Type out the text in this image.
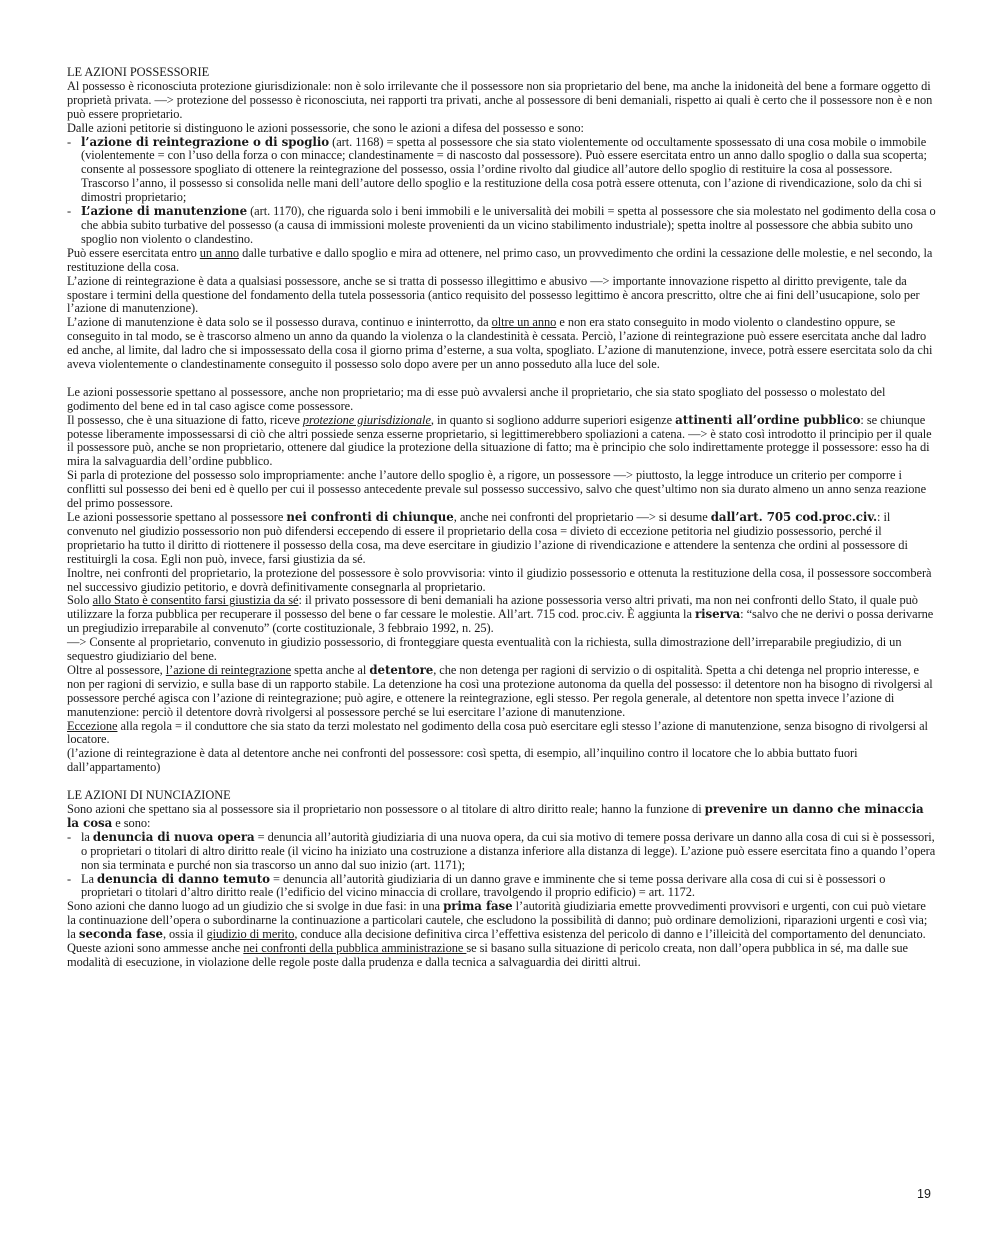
LE AZIONI POSSESSORIE

Al possesso è riconosciuta protezione giurisdizionale: non è solo irrilevante che il possessore non sia proprietario del bene, ma anche la inidoneità del bene a formare oggetto di proprietà privata. —> protezione del possesso è riconosciuta, nei rapporti tra privati, anche al possessore di beni demaniali, rispetto ai quali è certo che il possessore non è e non può essere proprietario.

Dalle azioni petitorie si distinguono le azioni possessorie, che sono le azioni a difesa del possesso e sono:

- l’azione di reintegrazione o di spoglio (art. 1168) = spetta al possessore che sia stato violentemente od occultamente spossessato di una cosa mobile o immobile (violentemente = con l’uso della forza o con minacce; clandestinamente = di nascosto dal possessore). Può essere esercitata entro un anno dallo spoglio o dalla sua scoperta; consente al possessore spogliato di ottenere la reintegrazione del possesso, ossia l’ordine rivolto dal giudice all’autore dello spoglio di restituire la cosa al possessore. Trascorso l’anno, il possesso si consolida nelle mani dell’autore dello spoglio e la restituzione della cosa potrà essere ottenuta, con l’azione di rivendicazione, solo da chi si dimostri proprietario;

- L’azione di manutenzione (art. 1170), che riguarda solo i beni immobili e le universalità dei mobili = spetta al possessore che sia molestato nel godimento della cosa o che abbia subito turbative del possesso (a causa di immissioni moleste provenienti da un vicino stabilimento industriale); spetta inoltre al possessore che abbia subito uno spoglio non violento o clandestino.

Può essere esercitata entro un anno dalle turbative e dallo spoglio e mira ad ottenere, nel primo caso, un provvedimento che ordini la cessazione delle molestie, e nel secondo, la restituzione della cosa.

L’azione di reintegrazione è data a qualsiasi possessore, anche se si tratta di possesso illegittimo e abusivo —> importante innovazione rispetto al diritto previgente, tale da spostare i termini della questione del fondamento della tutela possessoria (antico requisito del possesso legittimo è ancora prescritto, oltre che ai fini dell’usucapione, solo per l’azione di manutenzione).

L’azione di manutenzione è data solo se il possesso durava, continuo e ininterrotto, da oltre un anno e non era stato conseguito in modo violento o clandestino oppure, se conseguito in tal modo, se è trascorso almeno un anno da quando la violenza o la clandestinità è cessata. Perciò, l’azione di reintegrazione può essere esercitata anche dal ladro ed anche, al limite, dal ladro che si impossessato della cosa il giorno prima d’esterne, a sua volta, spogliato. L’azione di manutenzione, invece, potrà essere esercitata solo da chi aveva violentemente o clandestinamente conseguito il possesso solo dopo avere per un anno posseduto alla luce del sole.

Le azioni possessorie spettano al possessore, anche non proprietario; ma di esse può avvalersi anche il proprietario, che sia stato spogliato del possesso o molestato del godimento del bene ed in tal caso agisce come possessore.

Il possesso, che è una situazione di fatto, riceve protezione giurisdizionale, in quanto si sogliono addurre superiori esigenze attinenti all’ordine pubblico: se chiunque potesse liberamente impossessarsi di ciò che altri possiede senza esserne proprietario, si legittimerebbero spoliazioni a catena. —> è stato così introdotto il principio per il quale il possessore può, anche se non proprietario, ottenere dal giudice la protezione della situazione di fatto; ma è principio che solo indirettamente protegge il possessore: esso ha di mira la salvaguardia dell’ordine pubblico.

Si parla di protezione del possesso solo impropriamente: anche l’autore dello spoglio è, a rigore, un possessore —> piuttosto, la legge introduce un criterio per comporre i conflitti sul possesso dei beni ed è quello per cui il possesso antecedente prevale sul possesso successivo, salvo che quest’ultimo non sia durato almeno un anno senza reazione del primo possessore.

Le azioni possessorie spettano al possessore nei confronti di chiunque, anche nei confronti del proprietario —> si desume dall’art. 705 cod.proc.civ.: il convenuto nel giudizio possessorio non può difendersi eccependo di essere il proprietario della cosa = divieto di eccezione petitoria nel giudizio possessorio, perché il proprietario ha tutto il diritto di riottenere il possesso della cosa, ma deve esercitare in giudizio l’azione di rivendicazione e attendere la sentenza che ordini al possessore di restituirgli la cosa. Egli non può, invece, farsi giustizia da sé.

Inoltre, nei confronti del proprietario, la protezione del possessore è solo provvisoria: vinto il giudizio possessorio e ottenuta la restituzione della cosa, il possessore soccomberà nel successivo giudizio petitorio, e dovrà definitivamente consegnarla al proprietario.

Solo allo Stato è consentito farsi giustizia da sé: il privato possessore di beni demaniali ha azione possessoria verso altri privati, ma non nei confronti dello Stato, il quale può utilizzare la forza pubblica per recuperare il possesso del bene o far cessare le molestie. All’art. 715 cod. proc.civ. È aggiunta la riserva: “salvo che ne derivi o possa derivarne un pregiudizio irreparabile al convenuto” (corte costituzionale, 3 febbraio 1992, n. 25).

—> Consente al proprietario, convenuto in giudizio possessorio, di fronteggiare questa eventualità con la richiesta, sulla dimostrazione dell’irreparabile pregiudizio, di un sequestro giudiziario del bene.

Oltre al possessore, l’azione di reintegrazione spetta anche al detentore, che non detenga per ragioni di servizio o di ospitalità. Spetta a chi detenga nel proprio interesse, e non per ragioni di servizio, e sulla base di un rapporto stabile. La detenzione ha così una protezione autonoma da quella del possesso: il detentore non ha bisogno di rivolgersi al possessore perché agisca con l’azione di reintegrazione; può agire, e ottenere la reintegrazione, egli stesso. Per regola generale, al detentore non spetta invece l’azione di manutenzione: perciò il detentore dovrà rivolgersi al possessore perché se lui esercitare l’azione di manutenzione.

Eccezione alla regola = il conduttore che sia stato da terzi molestato nel godimento della cosa può esercitare egli stesso l’azione di manutenzione, senza bisogno di rivolgersi al locatore.

(l’azione di reintegrazione è data al detentore anche nei confronti del possessore: così spetta, di esempio, all’inquilino contro il locatore che lo abbia buttato fuori dall’appartamento)

LE AZIONI DI NUNCIAZIONE

Sono azioni che spettano sia al possessore sia il proprietario non possessore o al titolare di altro diritto reale; hanno la funzione di prevenire un danno che minaccia la cosa e sono:

- la denuncia di nuova opera = denuncia all’autorità giudiziaria di una nuova opera, da cui sia motivo di temere possa derivare un danno alla cosa di cui si è possessori, o proprietari o titolari di altro diritto reale (il vicino ha iniziato una costruzione a distanza inferiore alla distanza di legge). L’azione può essere esercitata fino a quando l’opera non sia terminata e purché non sia trascorso un anno dal suo inizio (art. 1171);

- La denuncia di danno temuto = denuncia all’autorità giudiziaria di un danno grave e imminente che si teme possa derivare alla cosa di cui si è possessori o proprietari o titolari d’altro diritto reale (l’edificio del vicino minaccia di crollare, travolgendo il proprio edificio) = art. 1172.

Sono azioni che danno luogo ad un giudizio che si svolge in due fasi: in una prima fase l’autorità giudiziaria emette provvedimenti provvisori e urgenti, con cui può vietare la continuazione dell’opera o subordinarne la continuazione a particolari cautele, che escludono la possibilità di danno; può ordinare demolizioni, riparazioni urgenti e così via; la seconda fase, ossia il giudizio di merito, conduce alla decisione definitiva circa l’effettiva esistenza del pericolo di danno e l’illeicità del comportamento del denunciato.

Queste azioni sono ammesse anche nei confronti della pubblica amministrazione se si basano sulla situazione di pericolo creata, non dall’opera pubblica in sé, ma dalle sue modalità di esecuzione, in violazione delle regole poste dalla prudenza e dalla tecnica a salvaguardia dei diritti altrui.

19
